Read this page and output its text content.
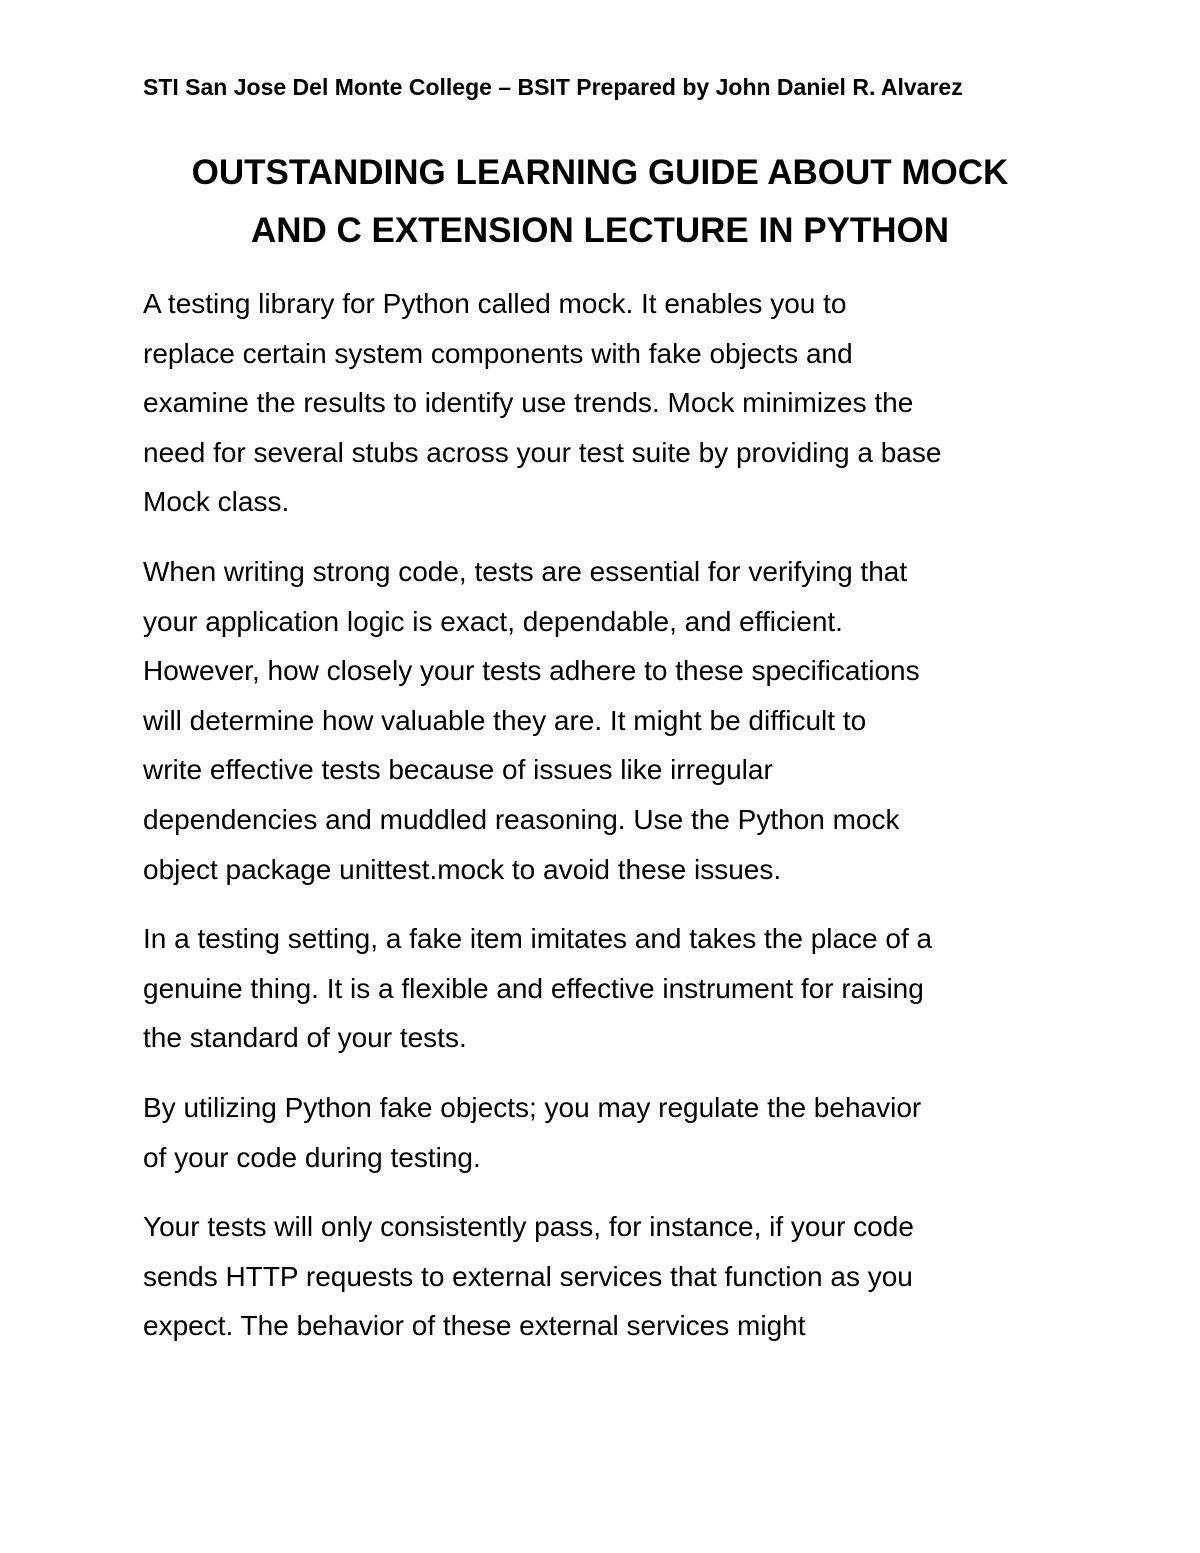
STI San Jose Del Monte College – BSIT Prepared by John Daniel R. Alvarez
OUTSTANDING LEARNING GUIDE ABOUT MOCK
AND C EXTENSION LECTURE IN PYTHON

A testing library for Python called mock. It enables you to
replace certain system components with fake objects and
examine the results to identify use trends. Mock minimizes the
need for several stubs across your test suite by providing a base
Mock class.

When writing strong code, tests are essential for verifying that
your application logic is exact, dependable, and efficient.
However, how closely your tests adhere to these specifications
will determine how valuable they are. It might be difficult to
write effective tests because of issues like irregular
dependencies and muddled reasoning. Use the Python mock
object package unittest.mock to avoid these issues.

In a testing setting, a fake item imitates and takes the place of a
genuine thing. It is a flexible and effective instrument for raising
the standard of your tests.

By utilizing Python fake objects; you may regulate the behavior
of your code during testing.

Your tests will only consistently pass, for instance, if your code
sends HTTP requests to external services that function as you
expect. The behavior of these external services might
